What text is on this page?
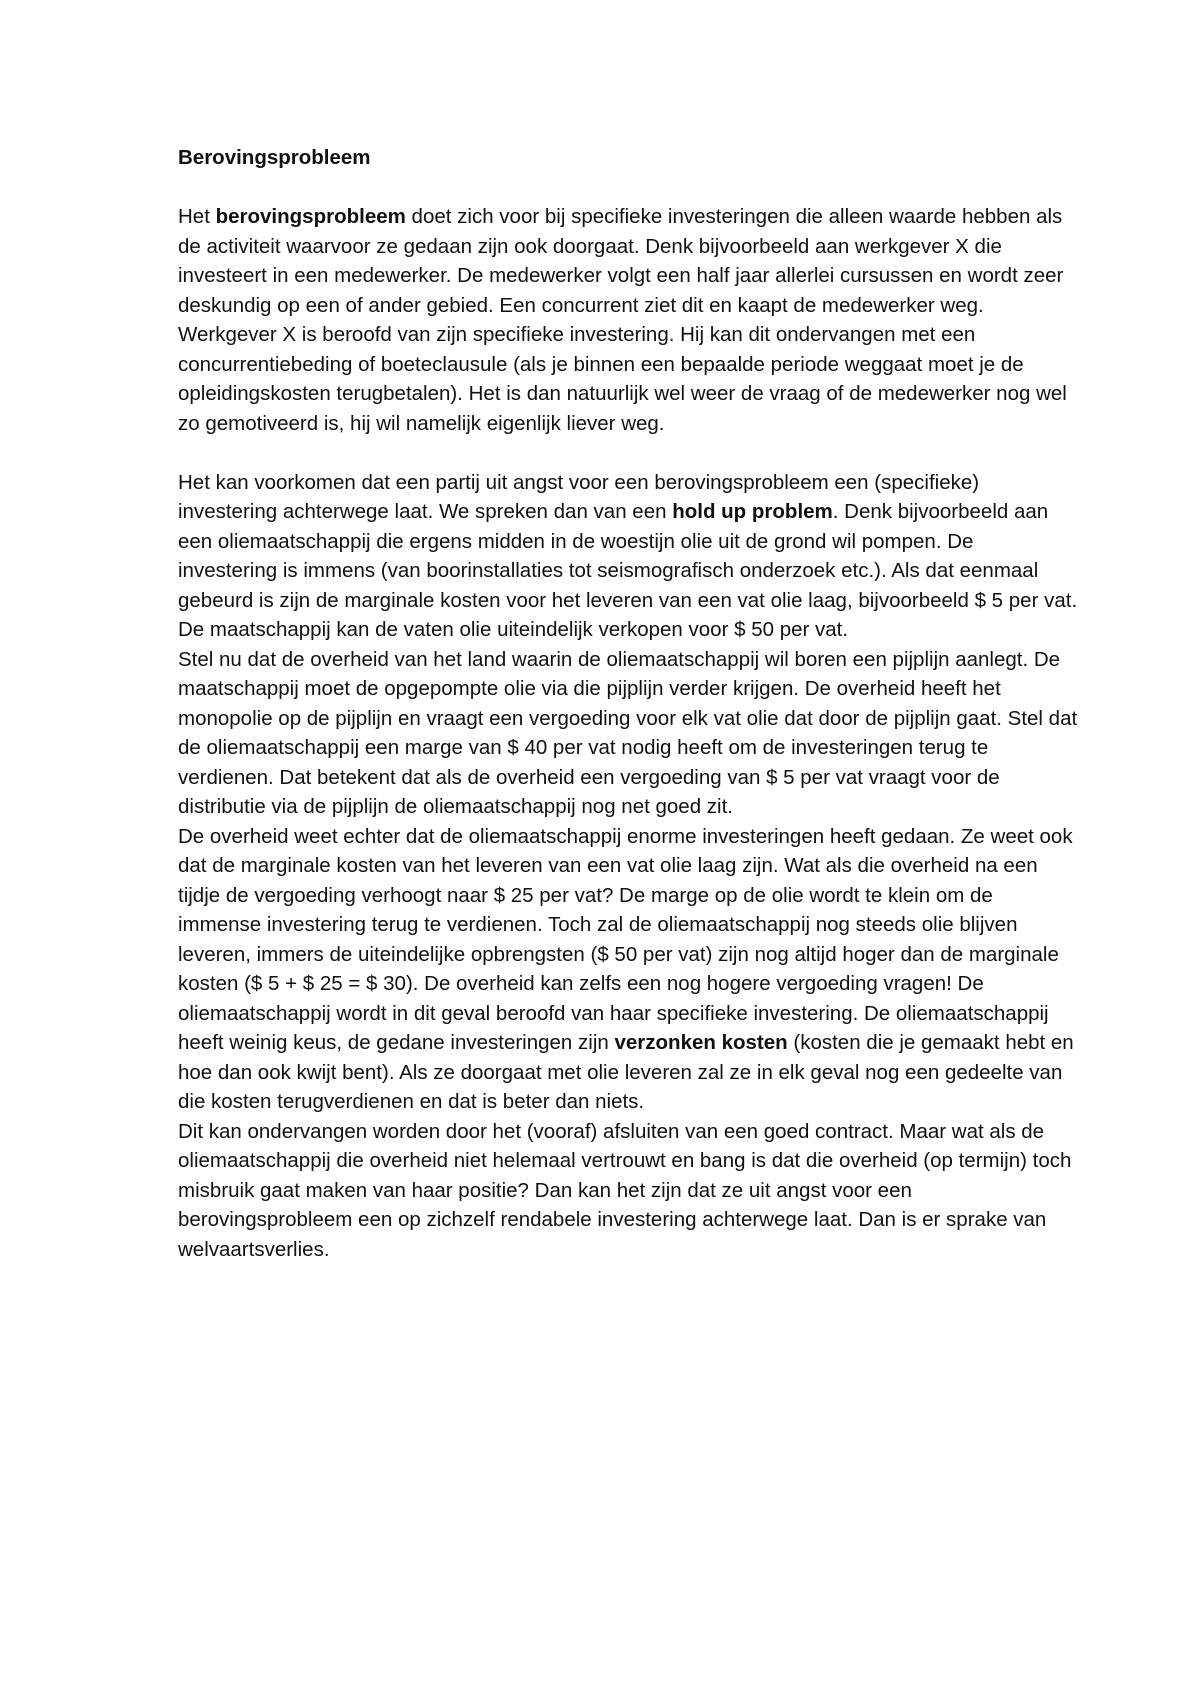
Berovingsprobleem

Het berovingsprobleem doet zich voor bij specifieke investeringen die alleen waarde hebben als de activiteit waarvoor ze gedaan zijn ook doorgaat. Denk bijvoorbeeld aan werkgever X die investeert in een medewerker. De medewerker volgt een half jaar allerlei cursussen en wordt zeer deskundig op een of ander gebied. Een concurrent ziet dit en kaapt de medewerker weg. Werkgever X is beroofd van zijn specifieke investering. Hij kan dit ondervangen met een concurrentiebeding of boeteclausule (als je binnen een bepaalde periode weggaat moet je de opleidingskosten terugbetalen). Het is dan natuurlijk wel weer de vraag of de medewerker nog wel zo gemotiveerd is, hij wil namelijk eigenlijk liever weg.

Het kan voorkomen dat een partij uit angst voor een berovingsprobleem een (specifieke) investering achterwege laat. We spreken dan van een hold up problem. Denk bijvoorbeeld aan een oliemaatschappij die ergens midden in de woestijn olie uit de grond wil pompen. De investering is immens (van boorinstallaties tot seismografisch onderzoek etc.). Als dat eenmaal gebeurd is zijn de marginale kosten voor het leveren van een vat olie laag, bijvoorbeeld $ 5 per vat. De maatschappij kan de vaten olie uiteindelijk verkopen voor $ 50 per vat.

Stel nu dat de overheid van het land waarin de oliemaatschappij wil boren een pijplijn aanlegt. De maatschappij moet de opgepompte olie via die pijplijn verder krijgen. De overheid heeft het monopolie op de pijplijn en vraagt een vergoeding voor elk vat olie dat door de pijplijn gaat. Stel dat de oliemaatschappij een marge van $ 40 per vat nodig heeft om de investeringen terug te verdienen. Dat betekent dat als de overheid een vergoeding van $ 5 per vat vraagt voor de distributie via de pijplijn de oliemaatschappij nog net goed zit.

De overheid weet echter dat de oliemaatschappij enorme investeringen heeft gedaan. Ze weet ook dat de marginale kosten van het leveren van een vat olie laag zijn. Wat als die overheid na een tijdje de vergoeding verhoogt naar $ 25 per vat? De marge op de olie wordt te klein om de immense investering terug te verdienen. Toch zal de oliemaatschappij nog steeds olie blijven leveren, immers de uiteindelijke opbrengsten ($ 50 per vat) zijn nog altijd hoger dan de marginale kosten ($ 5 + $ 25 = $ 30). De overheid kan zelfs een nog hogere vergoeding vragen! De oliemaatschappij wordt in dit geval beroofd van haar specifieke investering. De oliemaatschappij heeft weinig keus, de gedane investeringen zijn verzonken kosten (kosten die je gemaakt hebt en hoe dan ook kwijt bent). Als ze doorgaat met olie leveren zal ze in elk geval nog een gedeelte van die kosten terugverdienen en dat is beter dan niets.

Dit kan ondervangen worden door het (vooraf) afsluiten van een goed contract. Maar wat als de oliemaatschappij die overheid niet helemaal vertrouwt en bang is dat die overheid (op termijn) toch misbruik gaat maken van haar positie? Dan kan het zijn dat ze uit angst voor een berovingsprobleem een op zichzelf rendabele investering achterwege laat. Dan is er sprake van welvaartsverlies.
